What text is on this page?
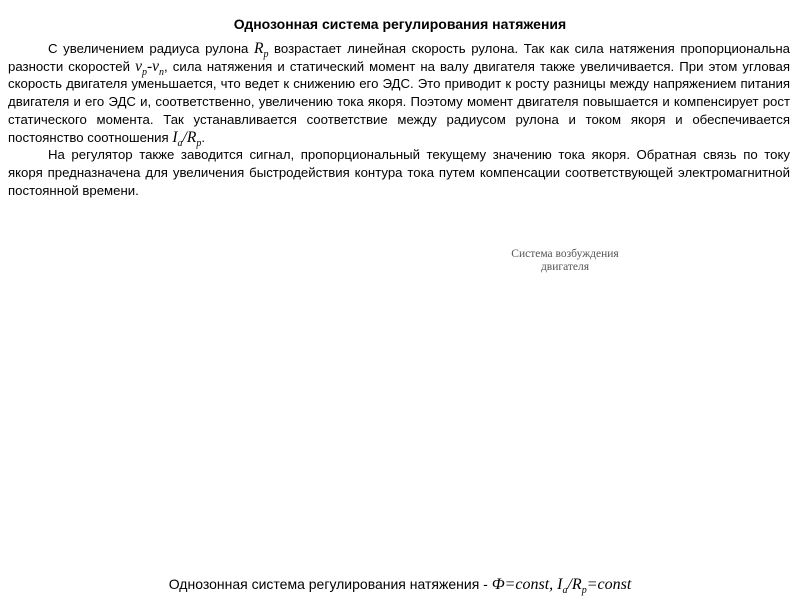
Однозонная система регулирования натяжения

С увеличением радиуса рулона $R_р$ возрастает линейная скорость рулона. Так как сила натяжения пропорциональна разности скоростей $v_р-v_п$, сила натяжения и статический момент на валу двигателя также увеличивается. При этом угловая скорость двигателя уменьшается, что ведет к снижению его ЭДС. Это приводит к росту разницы между напряжением питания двигателя и его ЭДС и, соответственно, увеличению тока якоря. Поэтому момент двигателя повышается и компенсирует рост статического момента. Так устанавливается соответствие между радиусом рулона и током якоря и обеспечивается постоянство соотношения $I_а/R_р$.

На регулятор также заводится сигнал, пропорциональный текущему значению тока якоря. Обратная связь по току якоря предназначена для увеличения быстродействия контура тока путем компенсации соответствующей электромагнитной постоянной времени.

Система возбуждения
двигателя
Однозонная система регулирования натяжения - Ф=const, $I_a/R_p=const$
